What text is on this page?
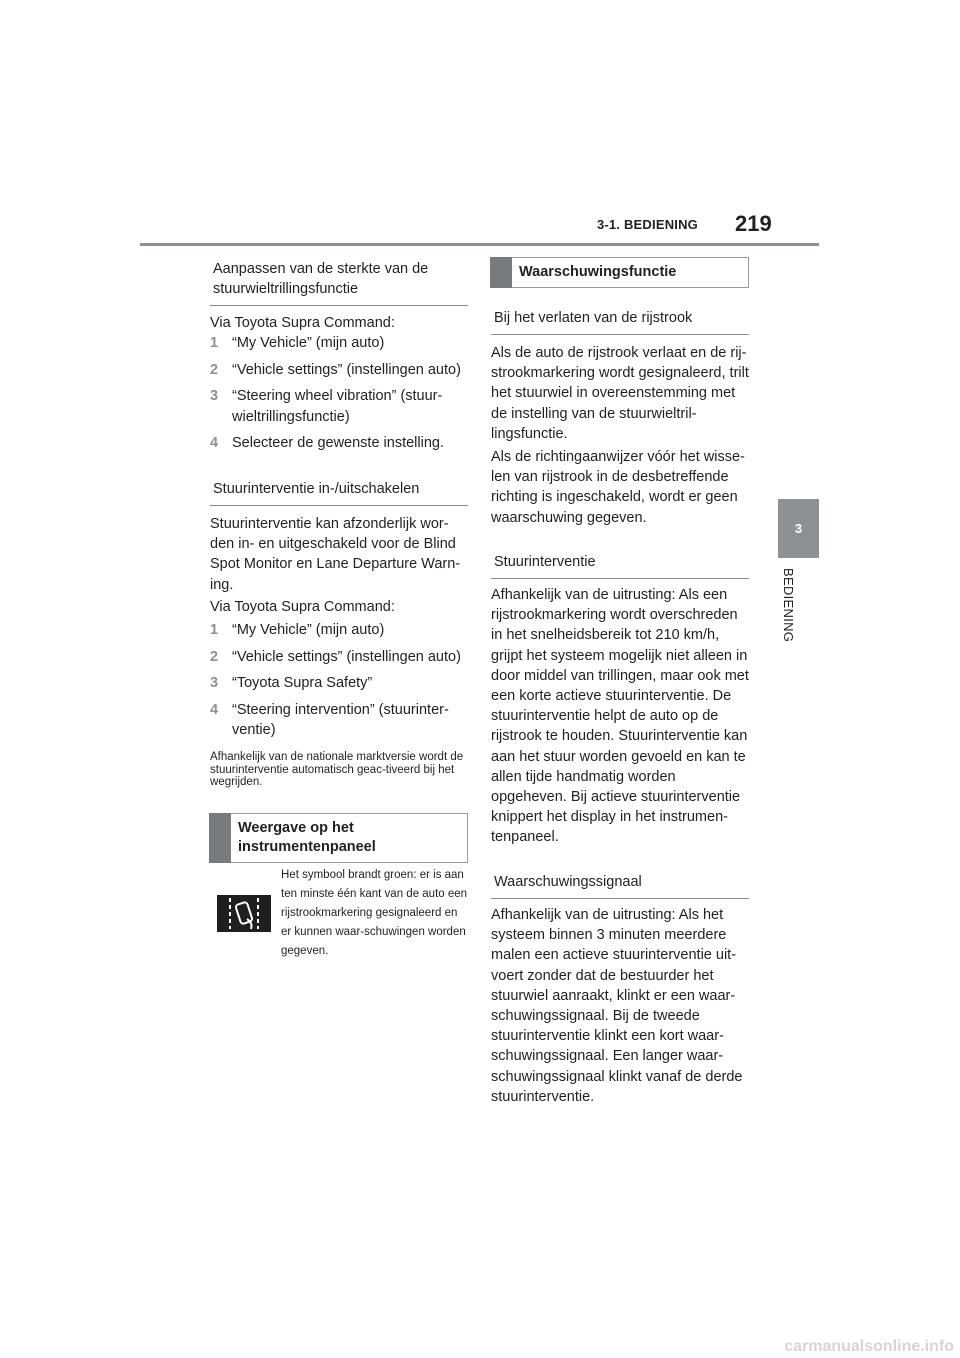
3-1. BEDIENING 219
3
BEDIENING
Aanpassen van de sterkte van de stuurwieltrillingsfunctie
Via Toyota Supra Command:
1 “My Vehicle” (mijn auto)
2 “Vehicle settings” (instellingen auto)
3 “Steering wheel vibration” (stuur-wieltrillingsfunctie)
4 Selecteer de gewenste instelling.
Stuurinterventie in-/uitschakelen
Stuurinterventie kan afzonderlijk wor-den in- en uitgeschakeld voor de Blind Spot Monitor en Lane Departure Warn-ing.
Via Toyota Supra Command:
1 “My Vehicle” (mijn auto)
2 “Vehicle settings” (instellingen auto)
3 “Toyota Supra Safety”
4 “Steering intervention” (stuurinter-ventie)
Afhankelijk van de nationale marktversie wordt de stuurinterventie automatisch geac-tiveerd bij het wegrijden.
Weergave op het instrumentenpaneel
Het symbool brandt groen: er is aan ten minste één kant van de auto een rijstrookmarkering gesignaleerd en er kunnen waar-schuwingen worden gegeven.
Waarschuwingsfunctie
Bij het verlaten van de rijstrook
Als de auto de rijstrook verlaat en de rij-strookmarkering wordt gesignaleerd, trilt het stuurwiel in overeenstemming met de instelling van de stuurwieltril-lingsfunctie.
Als de richtingaanwijzer vóór het wisse-len van rijstrook in de desbetreffende richting is ingeschakeld, wordt er geen waarschuwing gegeven.
Stuurinterventie
Afhankelijk van de uitrusting: Als een rijstrookmarkering wordt overschreden in het snelheidsbereik tot 210 km/h, grijpt het systeem mogelijk niet alleen in door middel van trillingen, maar ook met een korte actieve stuurinterventie. De stuurinterventie helpt de auto op de rijstrook te houden. Stuurinterventie kan aan het stuur worden gevoeld en kan te allen tijde handmatig worden opgeheven. Bij actieve stuurinterventie knippert het display in het instrumen-tenpaneel.
Waarschuwingssignaal
Afhankelijk van de uitrusting: Als het systeem binnen 3 minuten meerdere malen een actieve stuurinterventie uit-voert zonder dat de bestuurder het stuurwiel aanraakt, klinkt er een waar-schuwingssignaal. Bij de tweede stuurinterventie klinkt een kort waar-schuwingssignaal. Een langer waar-schuwingssignaal klinkt vanaf de derde stuurinterventie.
carmanualsonline.info
